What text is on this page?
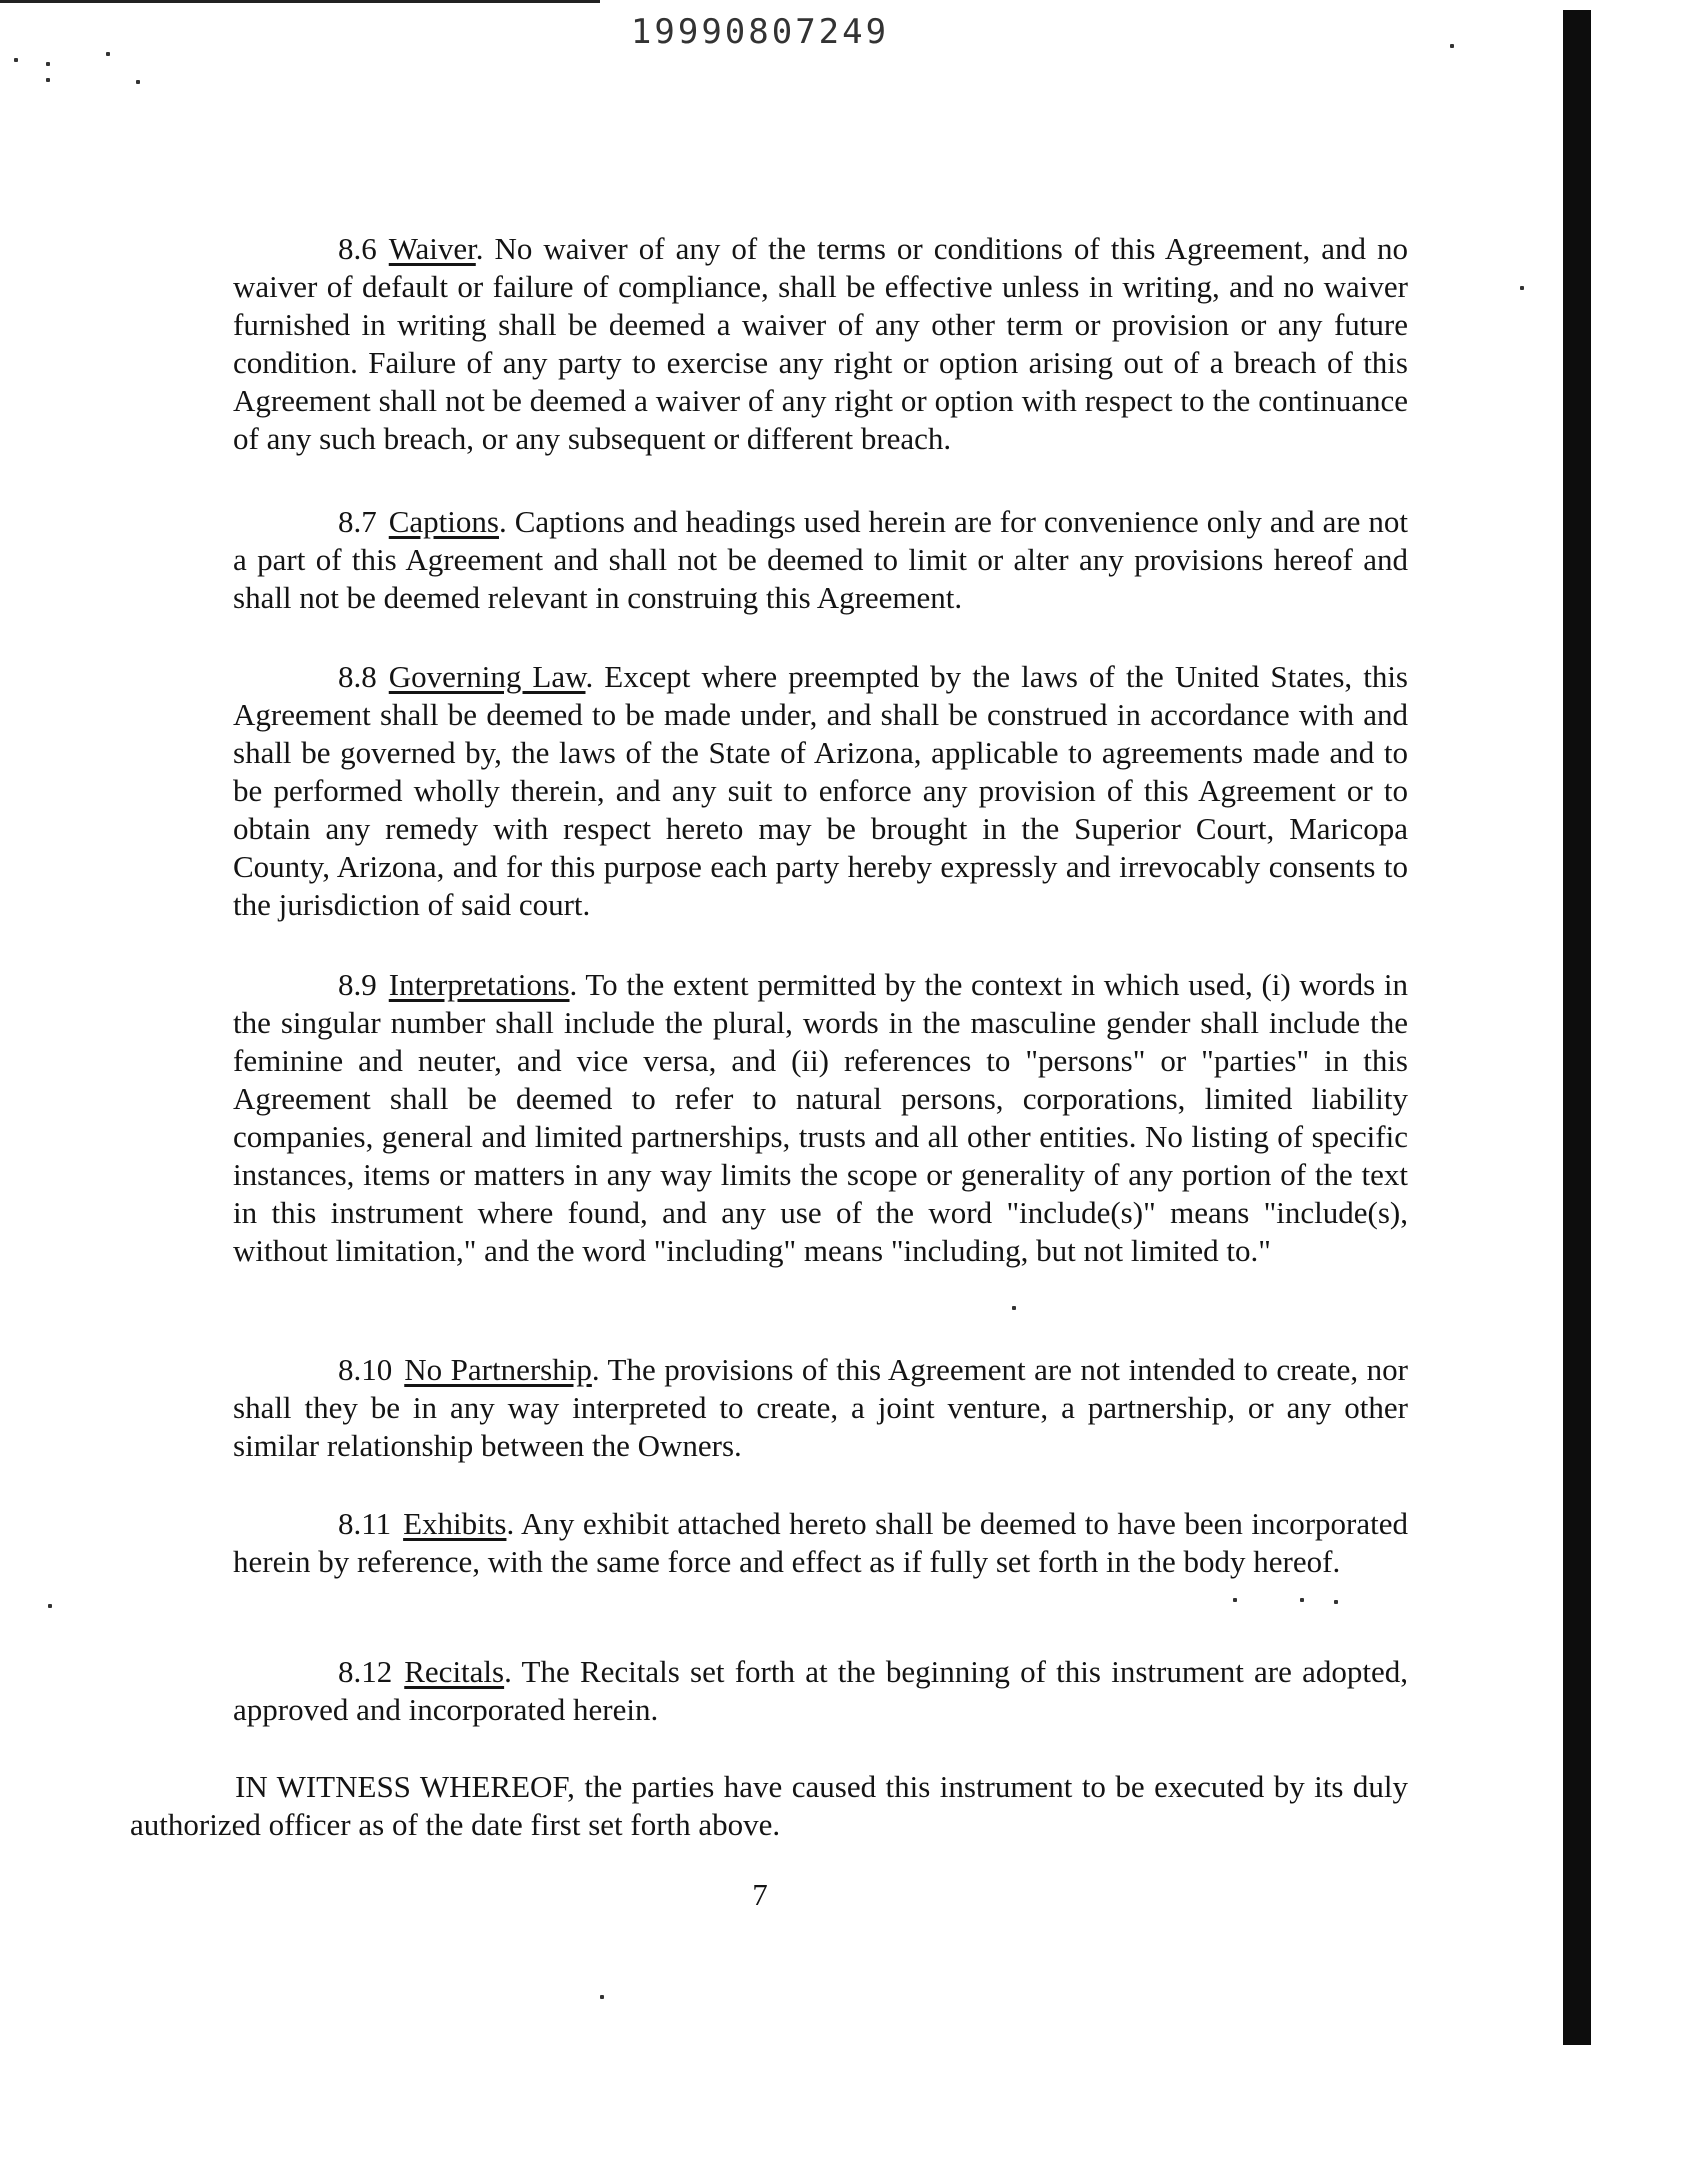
19990807249

8.6 Waiver. No waiver of any of the terms or conditions of this Agreement, and no waiver of default or failure of compliance, shall be effective unless in writing, and no waiver furnished in writing shall be deemed a waiver of any other term or provision or any future condition. Failure of any party to exercise any right or option arising out of a breach of this Agreement shall not be deemed a waiver of any right or option with respect to the continuance of any such breach, or any subsequent or different breach.

8.7 Captions. Captions and headings used herein are for convenience only and are not a part of this Agreement and shall not be deemed to limit or alter any provisions hereof and shall not be deemed relevant in construing this Agreement.

8.8 Governing Law. Except where preempted by the laws of the United States, this Agreement shall be deemed to be made under, and shall be construed in accordance with and shall be governed by, the laws of the State of Arizona, applicable to agreements made and to be performed wholly therein, and any suit to enforce any provision of this Agreement or to obtain any remedy with respect hereto may be brought in the Superior Court, Maricopa County, Arizona, and for this purpose each party hereby expressly and irrevocably consents to the jurisdiction of said court.

8.9 Interpretations. To the extent permitted by the context in which used, (i) words in the singular number shall include the plural, words in the masculine gender shall include the feminine and neuter, and vice versa, and (ii) references to "persons" or "parties" in this Agreement shall be deemed to refer to natural persons, corporations, limited liability companies, general and limited partnerships, trusts and all other entities. No listing of specific instances, items or matters in any way limits the scope or generality of any portion of the text in this instrument where found, and any use of the word "include(s)" means "include(s), without limitation," and the word "including" means "including, but not limited to."

8.10 No Partnership. The provisions of this Agreement are not intended to create, nor shall they be in any way interpreted to create, a joint venture, a partnership, or any other similar relationship between the Owners.

8.11 Exhibits. Any exhibit attached hereto shall be deemed to have been incorporated herein by reference, with the same force and effect as if fully set forth in the body hereof.

8.12 Recitals. The Recitals set forth at the beginning of this instrument are adopted, approved and incorporated herein.

IN WITNESS WHEREOF, the parties have caused this instrument to be executed by its duly authorized officer as of the date first set forth above.

7
